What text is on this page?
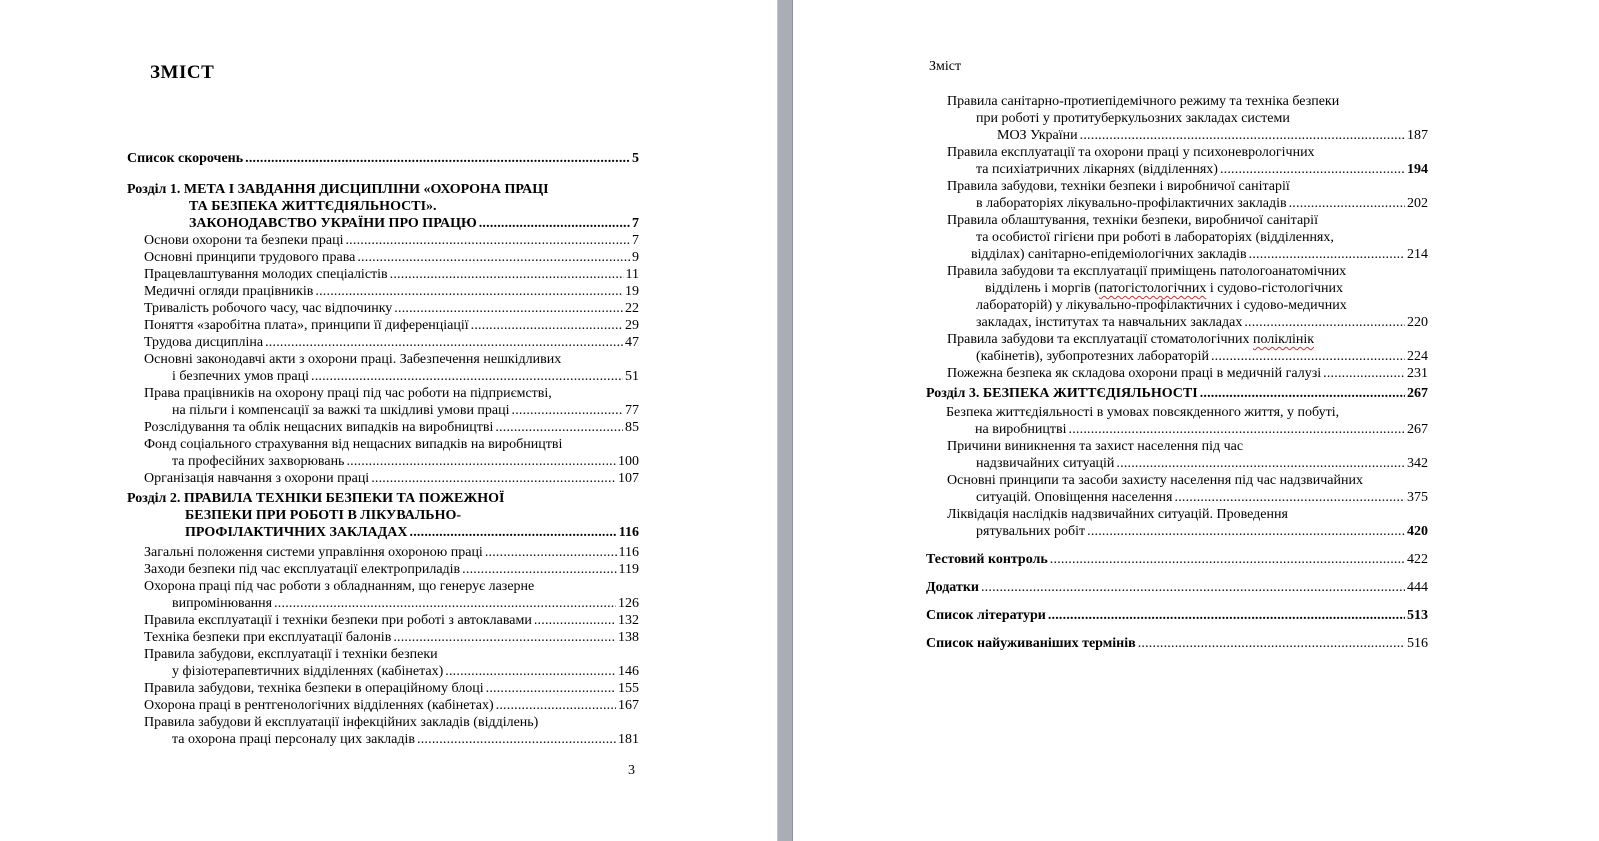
ЗМІСТ
Список скорочень .....	5
Розділ 1. МЕТА І ЗАВДАННЯ ДИСЦИПЛІНИ «ОХОРОНА ПРАЦІ
ТА БЕЗПЕКА ЖИТТЄДІЯЛЬНОСТІ».
ЗАКОНОДАВСТВО УКРАЇНИ ПРО ПРАЦЮ .....	7
Основи охорони та безпеки праці .....	7
Основні принципи трудового права .....	9
Працевлаштування молодих спеціалістів .....	11
Медичні огляди працівників .....	19
Тривалість робочого часу, час відпочинку .....	22
Поняття «заробітна плата», принципи її диференціації .....	29
Трудова дисципліна .....	47
Основні законодавчі акти з охорони праці. Забезпечення нешкідливих
і безпечних умов праці .....	51
Права працівників на охорону праці під час роботи на підприємстві,
на пільги і компенсації за важкі та шкідливі умови праці .....	77
Розслідування та облік нещасних випадків на виробництві .....	85
Фонд соціального страхування від нещасних випадків на виробництві
та професійних захворювань .....	100
Організація навчання з охорони праці .....	107
Розділ 2. ПРАВИЛА ТЕХНІКИ БЕЗПЕКИ ТА ПОЖЕЖНОЇ
БЕЗПЕКИ ПРИ РОБОТІ В ЛІКУВАЛЬНО-
ПРОФІЛАКТИЧНИХ ЗАКЛАДАХ .....	116
Загальні положення системи управління охороною праці .....	116
Заходи безпеки під час експлуатації електроприладів .....	119
Охорона праці під час роботи з обладнанням, що генерує лазерне
випромінювання .....	126
Правила експлуатації і техніки безпеки при роботі з автоклавами .....	132
Техніка безпеки при експлуатації балонів .....	138
Правила забудови, експлуатації і техніки безпеки
у фізіотерапевтичних відділеннях (кабінетах) .....	146
Правила забудови, техніка безпеки в операційному блоці .....	155
Охорона праці в рентгенологічних відділеннях (кабінетах) .....	167
Правила забудови й експлуатації інфекційних закладів (відділень)
та охорона праці персоналу цих закладів .....	181
3
Зміст
Правила санітарно-протиепідемічного режиму та техніка безпеки
при роботі у протитуберкульозних закладах системи
МОЗ України .....	187
Правила експлуатації та охорони праці у психоневрологічних
та психіатричних лікарнях (відділеннях) .....	194
Правила забудови, техніки безпеки і виробничої санітарії
в лабораторіях лікувально-профілактичних закладів .....	202
Правила облаштування, техніки безпеки, виробничої санітарії
та особистої гігієни при роботі в лабораторіях (відділеннях,
відділах) санітарно-епідеміологічних закладів .....	214
Правила забудови та експлуатації приміщень патологоанатомічних
відділень і моргів (патогістологічних і судово-гістологічних
лабораторій) у лікувально-профілактичних і судово-медичних
закладах, інститутах та навчальних закладах .....	220
Правила забудови та експлуатації стоматологічних поліклінік
(кабінетів), зубопротезних лабораторій .....	224
Пожежна безпека як складова охорони праці в медичній галузі .....	231
Розділ 3. БЕЗПЕКА ЖИТТЄДІЯЛЬНОСТІ .....	267
Безпека життєдіяльності в умовах повсякденного життя, у побуті,
на виробництві .....	267
Причини виникнення та захист населення під час
надзвичайних ситуацій .....	342
Основні принципи та засоби захисту населення під час надзвичайних
ситуацій. Оповіщення населення .....	375
Ліквідація наслідків надзвичайних ситуацій. Проведення
рятувальних робіт .....	420
Тестовий контроль .....	422
Додатки .....	444
Список літератури .....	513
Список найуживаніших термінів .....	516
